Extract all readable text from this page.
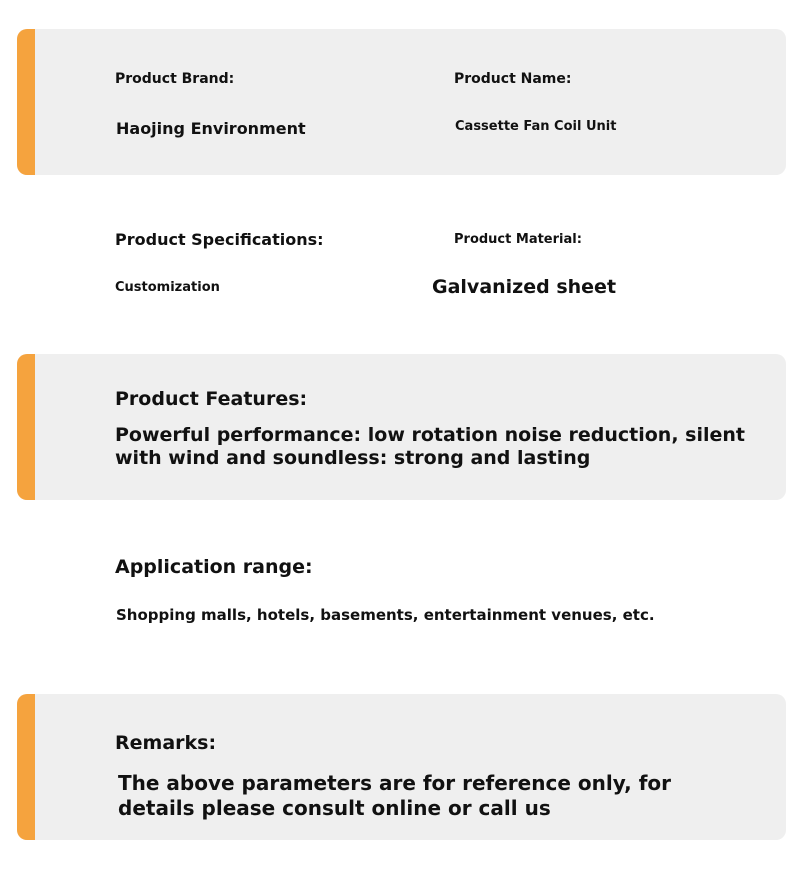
Product Brand:
Haojing Environment
Product Name:
Cassette Fan Coil Unit
Product Specifications:
Customization
Product Material:
Galvanized sheet
Product Features:
Powerful performance: low rotation noise reduction, silent with wind and soundless: strong and lasting
Application range:
Shopping malls, hotels, basements, entertainment venues, etc.
Remarks:
The above parameters are for reference only, for details please consult online or call us
